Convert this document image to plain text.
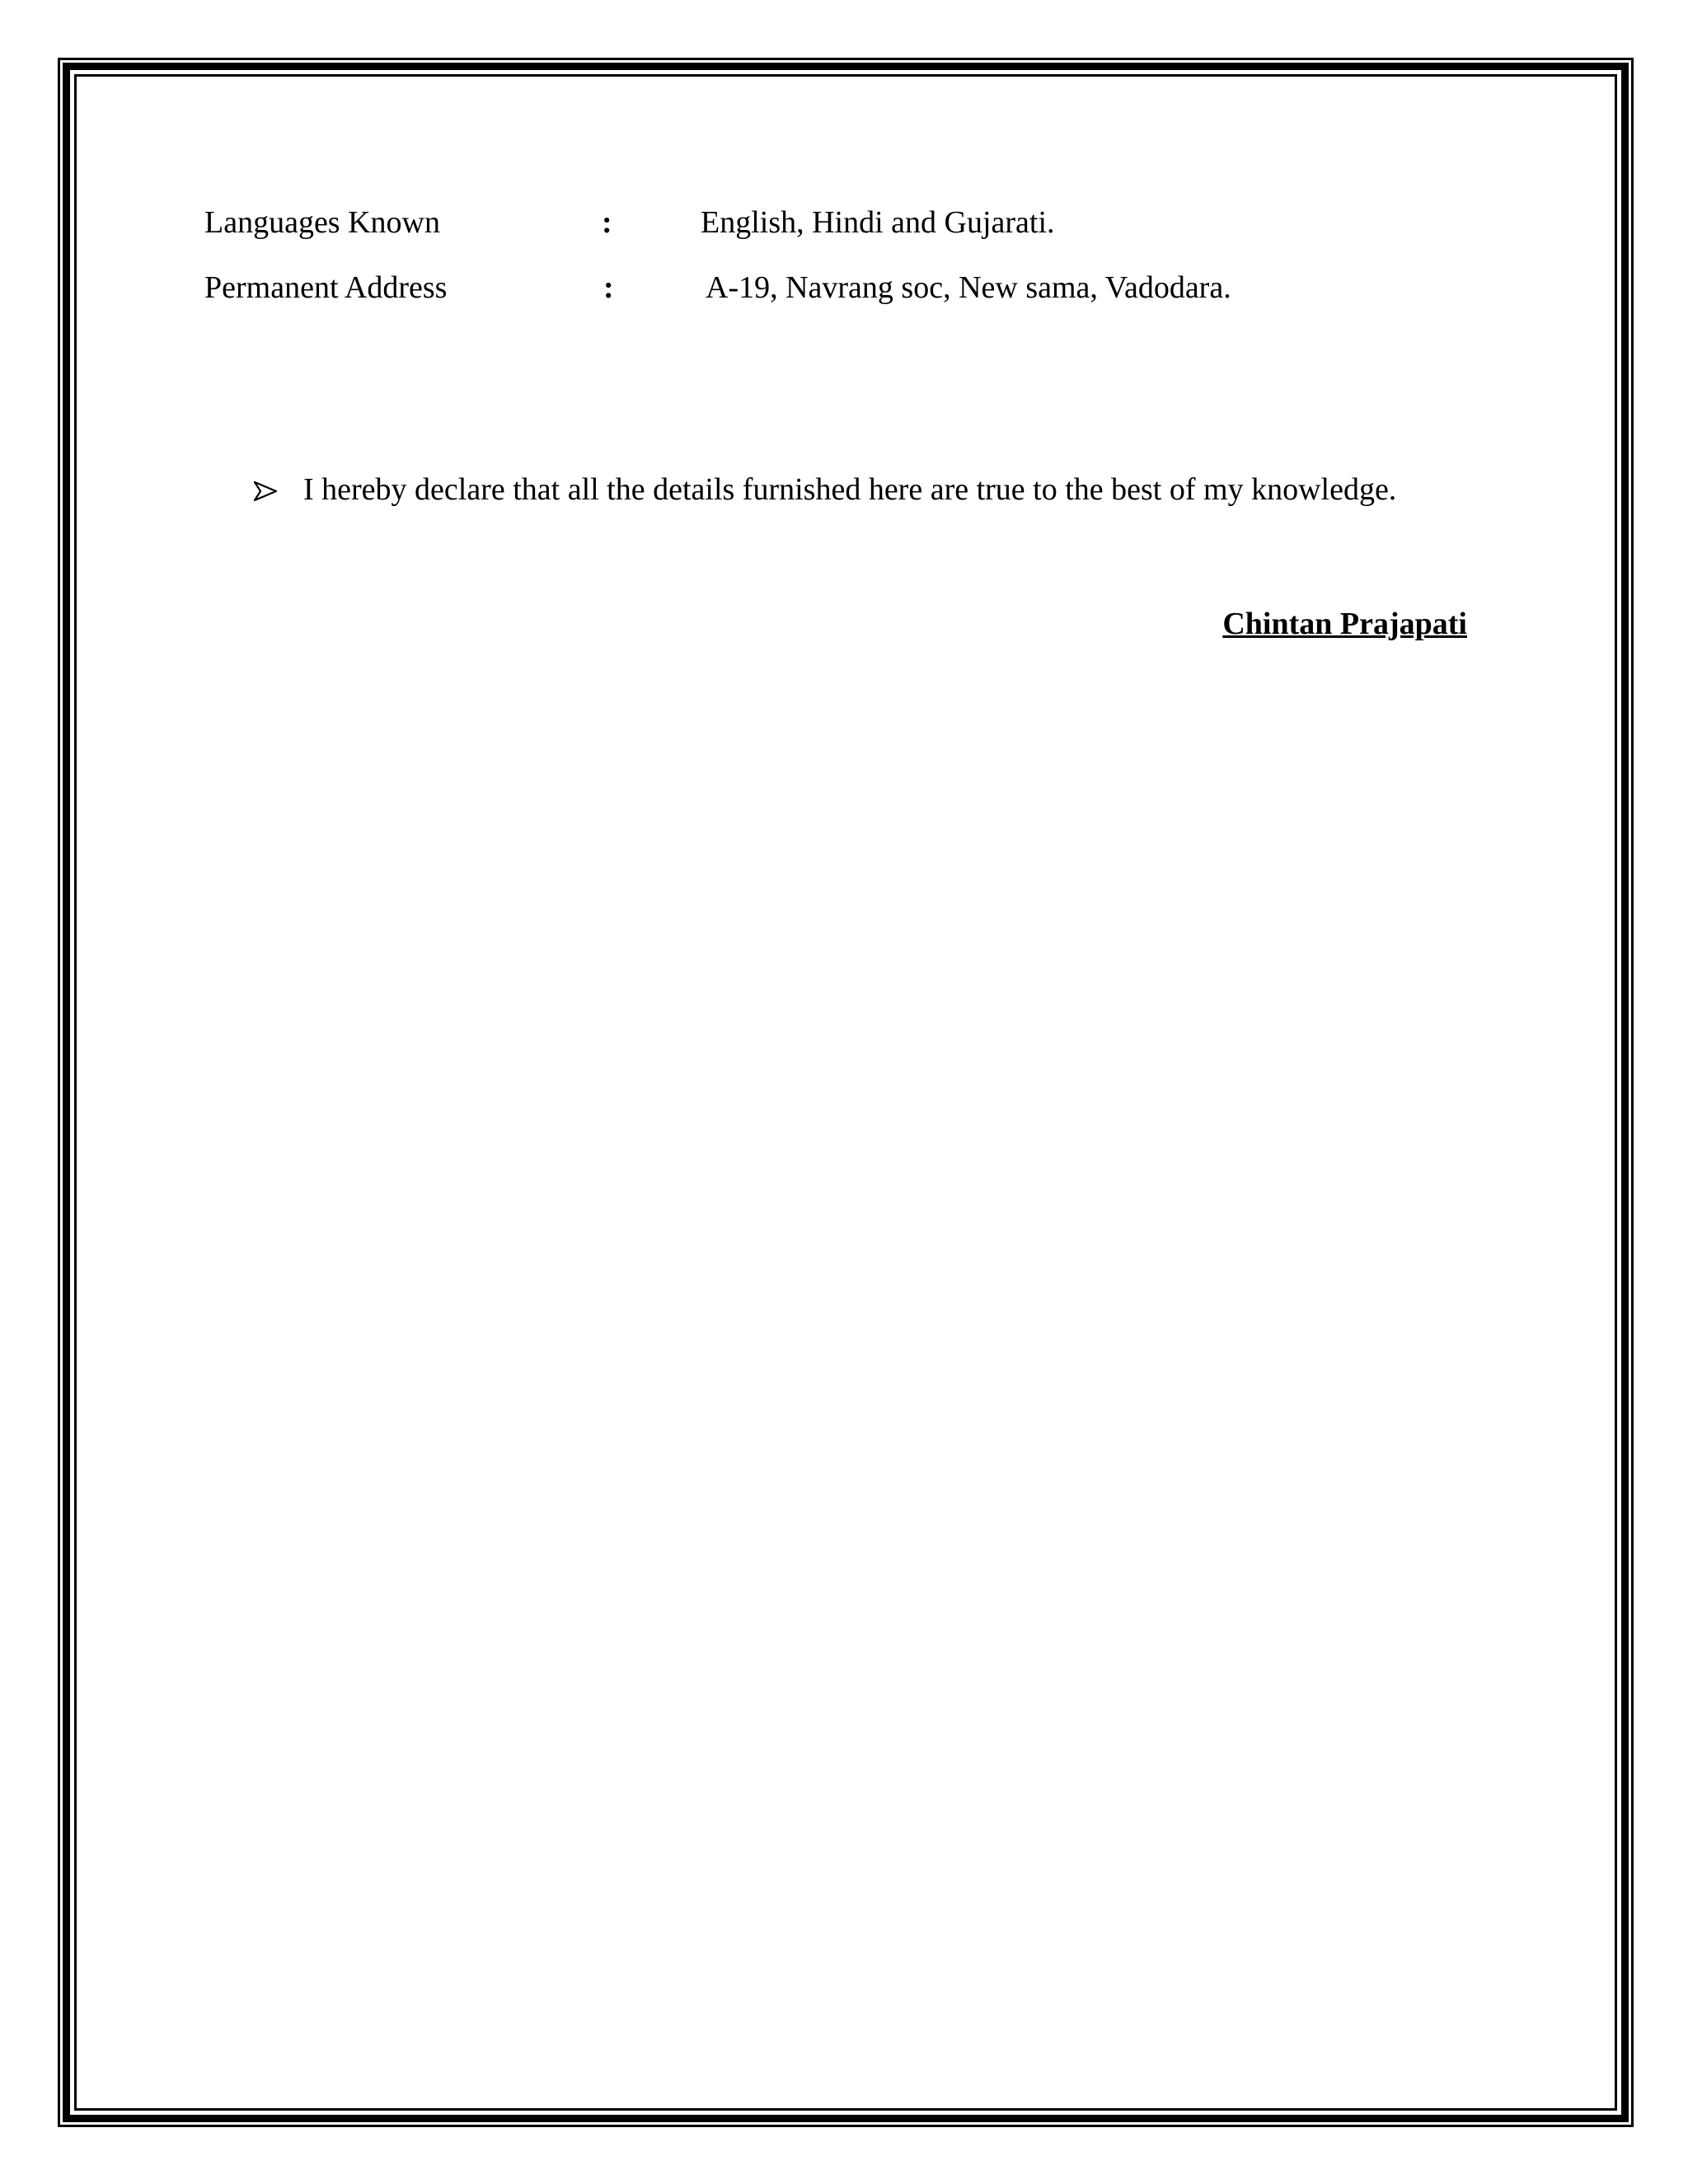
Languages Known	:	English, Hindi and Gujarati.
Permanent Address	:	A-19, Navrang soc, New sama, Vadodara.
I hereby declare that all the details furnished here are true to the best of my knowledge.
Chintan Prajapati
